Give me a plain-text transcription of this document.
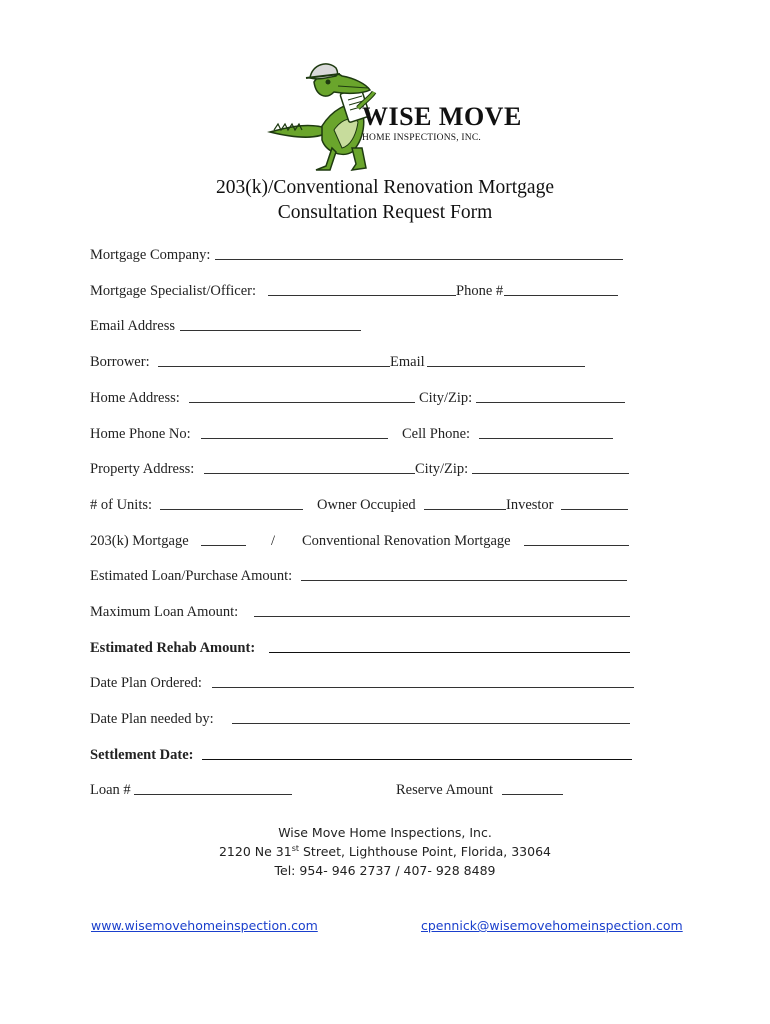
WISE MOVE
HOME INSPECTIONS, INC.
203(k)/Conventional Renovation Mortgage
Consultation Request Form
Mortgage Company:
Mortgage Specialist/Officer:	Phone #
Email Address
Borrower:	Email
Home Address:	City/Zip:
Home Phone No:	Cell Phone:
Property Address:	City/Zip:
# of Units:	Owner Occupied	Investor
203(k) Mortgage	/ Conventional Renovation Mortgage
Estimated Loan/Purchase Amount:
Maximum Loan Amount:
Estimated Rehab Amount:
Date Plan Ordered:
Date Plan needed by:
Settlement Date:
Loan #	Reserve Amount
Wise Move Home Inspections, Inc.
2120 Ne 31st Street, Lighthouse Point, Florida, 33064
Tel: 954- 946 2737 / 407- 928 8489
www.wisemovehomeinspection.com	cpennick@wisemovehomeinspection.com
